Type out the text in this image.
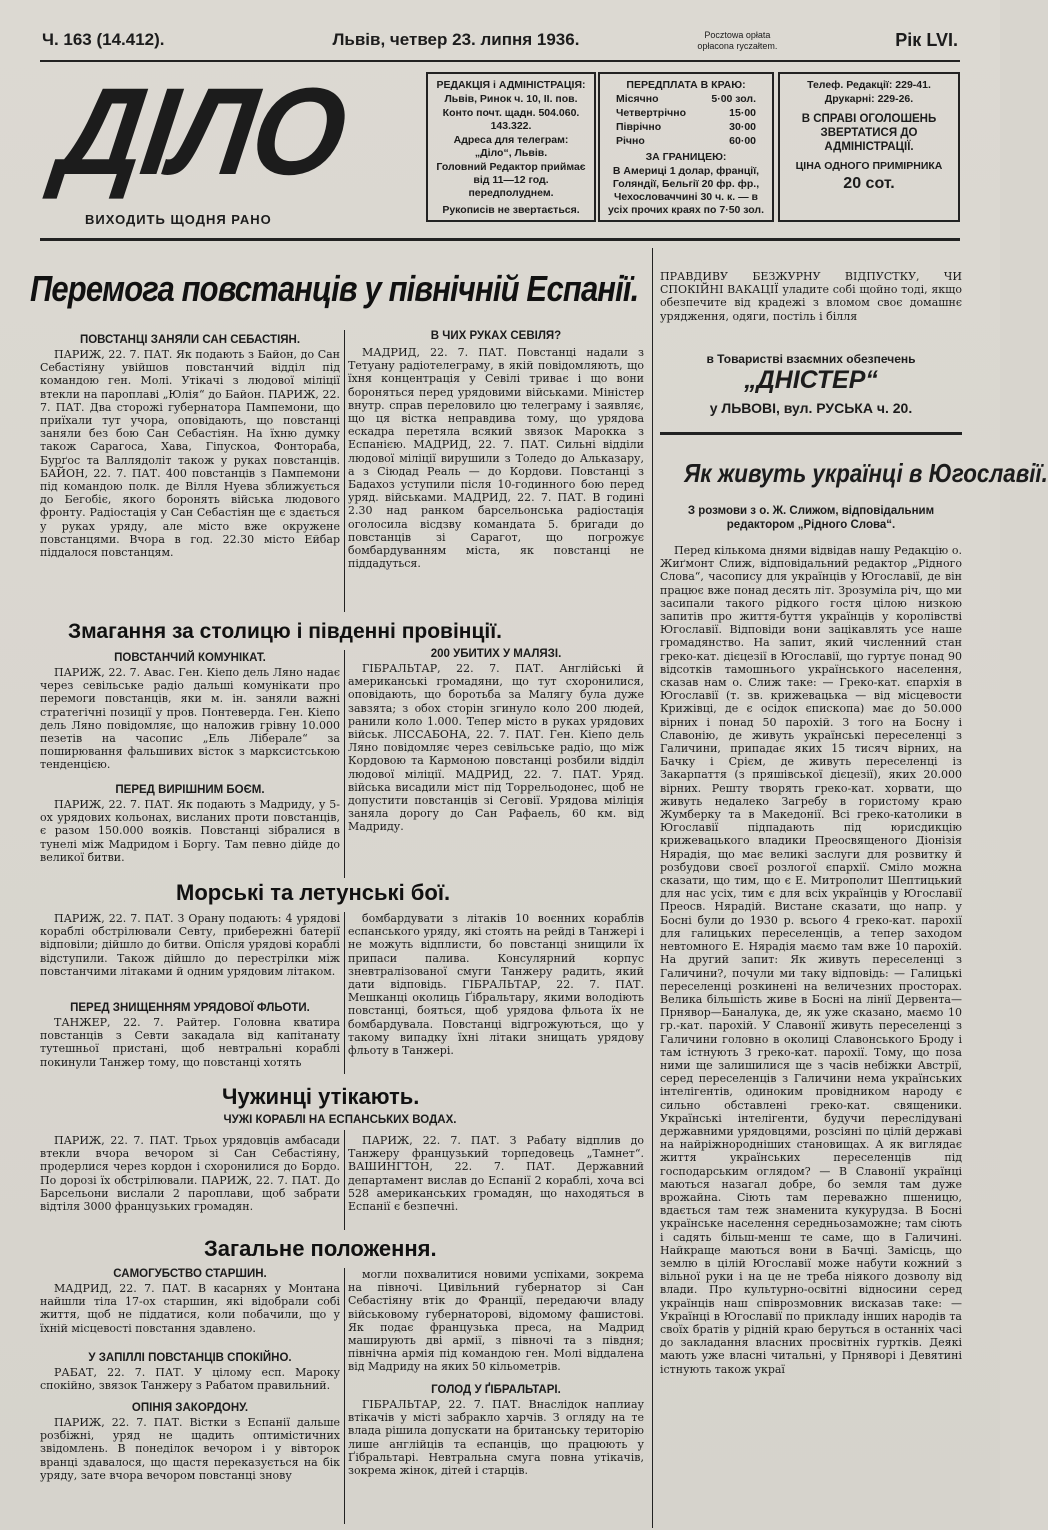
Ч. 163 (14.412).	Львів, четвер 23. липня 1936.	Pocztowa opłata opłacona ryczałtem.	Рік LVI.
ДІЛО
ВИХОДИТЬ ЩОДНЯ РАНО
РЕДАКЦІЯ і АДМІНІСТРАЦІЯ:
Львів, Ринок ч. 10, II. пов.
Конто почт. щадн. 504.060. 143.322.
Адреса для телеграм: „Діло“, Львів.
Головний Редактор приймає від 11—12 год. передполуднем.
Рукописів не звертається.
ПЕРЕДПЛАТА В КРАЮ:
Місячно	5·00 зол.
Четвертрічно	15·00
Піврічно	30·00
Річно	60·00
ЗА ГРАНИЦЕЮ:
В Америці 1 долар, франції, Голяндії, Бельгії 20 фр. фр., Чехословаччині 30 ч. к. — в усіх прочих краях по 7·50 зол.
Телеф. Редакції: 229-41.
Друкарні: 229-26.
В СПРАВІ ОГОЛОШЕНЬ ЗВЕРТАТИСЯ ДО АДМІНІСТРАЦІЇ.
ЦІНА ОДНОГО ПРИМІРНИКА
20 сот.
Перемога повстанців у північній Еспанії.
ПОВСТАНЦІ ЗАНЯЛИ САН СЕБАСТІЯН.

ПАРИЖ, 22. 7. ПАТ. Як подають з Байон, до Сан Себастіяну увійшов повстанчий відділ під командою ген. Молі. Утікачі з людової міліції втекли на пароплаві „Юлія“ до Байон. ПАРИЖ, 22. 7. ПАТ. Два сторожі губернатора Пампемони, що приїхали тут учора, оповідають, що повстанці заняли без бою Сан Себастіян. На їхню думку також Сарагоса, Хава, Гіпускоа, Фонтораба, Бурґос та Валлядоліт також у руках повстанців. БАЙОН, 22. 7. ПАТ. 400 повстанців з Пампемони під командою полк. де Вілля Нуева зближується до Бегобіє, якого боронять війська людового фронту. Радіостація у Сан Себастіян ще є здається у руках уряду, але місто вже окружене повстанцями. Вчора в год. 22.30 місто Ейбар піддалося повстанцям.

В ЧИХ РУКАХ СЕВІЛЯ?

МАДРИД, 22. 7. ПАТ. Повстанці надали з Тетуану радіотелеграму, в якій повідомляють, що їхня концентрація у Севілі триває і що вони бороняться перед урядовими військами. Міністер внутр. справ переловило цю телеграму і заявляє, що ця вістка неправдива тому, що урядова ескадра перетяла всякий звязок Марокка з Еспанією. МАДРИД, 22. 7. ПАТ. Сильні відділи людової міліції вирушили з Толедо до Альказару, а з Сіюдад Реаль — до Кордови. Повстанці з Бадахоз уступили після 10-годинного бою перед уряд. військами. МАДРИД, 22. 7. ПАТ. В годині 2.30 над ранком барсельонська радіостація оголосила вісдзву командата 5. бригади до повстанців зі Сарагот, що погрожує бомбардуванням міста, як повстанці не піддадуться.

Змагання за столицю і південні провінції.
ПОВСТАНЧИЙ КОМУНІКАТ.

ПАРИЖ, 22. 7. Авас. Ген. Кіепо дель Ляно надає через севільське радіо дальші комунікати про перемоги повстанців, яки м. ін. заняли важні стратегічні позиції у пров. Понтеверда. Ген. Кіепо дель Ляно повідомляє, що наложив грівну 10.000 пезетів на часопис „Ель Ліберале“ за поширювання фальшивих вісток з марксистською тенденцією.

ПЕРЕД ВИРІШНИМ БОЄМ.

ПАРИЖ, 22. 7. ПАТ. Як подають з Мадриду, у 5-ох урядових кольонах, висланих проти повстанців, є разом 150.000 вояків. Повстанці зібралися в тунелі між Мадридом і Боргу. Там певно дійде до великої битви.

200 УБИТИХ У МАЛЯЗІ.

ГІБРАЛЬТАР, 22. 7. ПАТ. Англійські й американські громадяни, що тут схоронилися, оповідають, що боротьба за Малягу була дуже завзята; з обох сторін згинуло коло 200 людей, ранили коло 1.000. Тепер місто в руках урядових військ. ЛІССАБОНА, 22. 7. ПАТ. Ген. Кіепо дель Ляно повідомляє через севільське радіо, що між Кордовою та Кармоною повстанці розбили відділ людової міліції. МАДРИД, 22. 7. ПАТ. Уряд. війська висадили міст під Торрельодонес, щоб не допустити повстанців зі Сеговії. Урядова міліція заняла дорогу до Сан Рафаель, 60 км. від Мадриду.

Морські та летунські бої.

ПАРИЖ, 22. 7. ПАТ. З Орану подають: 4 урядові кораблі обстрілювали Севту, прибережні батерії відповіли; дійшло до битви. Опісля урядові кораблі відступили. Також дійшло до перестрілки між повстанчими літаками й одним урядовим літаком.

ПЕРЕД ЗНИЩЕННЯМ УРЯДОВОЇ ФЛЬОТИ.

ТАНЖЕР, 22. 7. Райтер. Головна кватира повстанців з Севти закадала від капітанату тутешньої пристані, щоб невтральні кораблі покинули Танжер тому, що повстанці хотять

бомбардувати з літаків 10 воєнних кораблів еспанського уряду, які стоять на рейді в Танжері і не можуть відплисти, бо повстанці знищили їх припаси палива. Консулярний корпус зневтралізованої смуги Танжеру радить, який дати відповідь. ГІБРАЛЬТАР, 22. 7. ПАТ. Мешканці околиць Ґібральтару, якими володіють повстанці, бояться, щоб урядова фльота їх не бомбардувала. Повстанці відгрожуються, що у такому випадку їхні літаки знищать урядову фльоту в Танжері.

Чужинці утікають.
ЧУЖІ КОРАБЛІ НА ЕСПАНСЬКИХ ВОДАХ.

ПАРИЖ, 22. 7. ПАТ. Трьох урядовців амбасади втекли вчора вечором зі Сан Себастіяну, продерлися через кордон і схоронилися до Бордо. По дорозі їх обстрілювали. ПАРИЖ, 22. 7. ПАТ. До Барсельони вислали 2 пароплави, щоб забрати відтіля 3000 французьких громадян.

ПАРИЖ, 22. 7. ПАТ. З Рабату відплив до Танжеру французький торпедовець „Тамнет“. ВАШИНГТОН, 22. 7. ПАТ. Державний департамент вислав до Еспанії 2 кораблі, хоча всі 528 американських громадян, що находяться в Еспанії є безпечні.

Загальне положення.
САМОГУБСТВО СТАРШИН.

МАДРИД, 22. 7. ПАТ. В касарнях у Монтана найшли тіла 17-ох старшин, які відобрали собі життя, щоб не піддатися, коли побачили, що у їхній місцевості повстання здавлено.

У ЗАПІЛЛІ ПОВСТАНЦІВ СПОКІЙНО.

РАБАТ, 22. 7. ПАТ. У цілому есп. Мароку спокійно, звязок Танжеру з Рабатом правильний.

ОПІНІЯ ЗАКОРДОНУ.

ПАРИЖ, 22. 7. ПАТ. Вістки з Еспанії дальше розбіжні, уряд не щадить оптимістичних звідомлень. В понеділок вечором і у вівторок вранці здавалося, що щастя переказується на бік уряду, зате вчора вечором повстанці знову

могли похвалитися новими успіхами, зокрема на півночі. Цивільний губернатор зі Сан Себастіяну втік до Франції, передаючи владу військовому губернаторові, відомому фашистові. Як подає французька преса, на Мадрид маширують дві армії, з півночі та з півдня; північна армія під командою ген. Молі віддалена від Мадриду на яких 50 кільометрів.

ГОЛОД У ҐІБРАЛЬТАРІ.

ГІБРАЛЬТАР, 22. 7. ПАТ. Внаслідок наплиау втікачів у місті забракло харчів. З огляду на те влада рішила допускати на британську територію лише англійців та еспанців, що працюють у Ґібральтарі. Невтральна смуга повна утікачів, зокрема жінок, дітей і старців.

ПРАВДИВУ БЕЗЖУРНУ ВІДПУСТКУ, ЧИ СПОКІЙНІ ВАКАЦІЇ уладите собі щойно тоді, якщо обезпечите від крадежі з вломом своє домашнє урядження, одяги, постіль і білля

в Товаристві взаємних обезпечень
„ДНІСТЕР“
у ЛЬВОВІ, вул. РУСЬКА ч. 20.
Як живуть українці в Югославії.
З розмови з о. Ж. Слижом, відповідальним редактором „Рідного Слова“.

Перед кількома днями відвідав нашу Редакцію о. Жиґмонт Слиж, відповідальний редактор „Рідного Слова“, часопису для українців у Югославії, де він працює вже понад десять літ. Зрозуміла річ, що ми засипали такого рідкого гостя цілою низкою запитів про життя-буття українців у королівстві Югославії. Відповіди вони зацікавлять усе наше громадянство. На запит, який численний стан греко-кат. дієцезії в Югославії, що гуртує понад 90 відсотків тамошнього українського населення, сказав нам о. Слиж таке: — Греко-кат. єпархія в Югославії (т. зв. крижевацька — від місцевости Крижівці, де є осідок єпископа) має до 50.000 вірних і понад 50 парохій. З того на Босну і Славонію, де живуть українські переселенці з Галичини, припадає яких 15 тисяч вірних, на Бачку і Срієм, де живуть переселенці із Закарпаття (з пряшівської дієцезії), яких 20.000 вірних. Решту творять греко-кат. хорвати, що живуть недалеко Загребу в гористому краю Жумберку та в Македонії. Всі греко-католики в Югославії підпадають під юрисдикцію крижевацького владики Преосвященого Діонізія Нярадія, що має великі заслуги для розвитку й розбудови своєї розлогої єпархії. Сміло можна сказати, що тим, що є Е. Митрополит Шептицький для нас усіх, тим є для всіх українців у Югославії Преосв. Нярадій. Вистане сказати, що напр. у Босні були до 1930 р. всього 4 греко-кат. парохії для галицьких переселенців, а тепер заходом невтомного Е. Нярадія маємо там вже 10 парохій. На другий запит: Як живуть переселенці з Галичини?, почули ми таку відповідь: — Галицькі переселенці розкинені на величезних просторах. Велика більшість живе в Босні на лінії Дервента—Прнявор—Баналука, де, як уже сказано, маємо 10 гр.-кат. парохій. У Славонії живуть переселенці з Галичини головно в околиці Славонського Броду і там істнують 3 греко-кат. парохії. Тому, що поза ними ще залишилися ще з часів небіжки Австрії, серед переселенців з Галичини нема українських інтелігентів, одиноким провідником народу є сильно обставлені греко-кат. священики. Українські інтелігенти, будучи переслідувані державними урядовцями, розсіяні по цілій державі на найріжнородніших становищах. А як виглядає життя українських переселенців під господарським оглядом? — В Славонії українці маються назагал добре, бо земля там дуже врожайна. Сіють там переважно пшеницю, вдається там теж знаменита кукурудза. В Босні українське населення середньозаможне; там сіють і садять більш-менш те саме, що в Галичині. Найкраще маються вони в Бачці. Замісць, що землю в цілій Югославії може набути кожний з вільної руки і на це не треба ніякого дозволу від влади. Про культурно-освітні відносини серед українців наш співрозмовник висказав таке: — Українці в Югославії по прикладу інших народів та своїх братів у рідній краю беруться в останніх часі до закладання власних просвітніх гуртків. Деякі мають уже власні читальні, у Прняворі і Девятині істнують також украї
